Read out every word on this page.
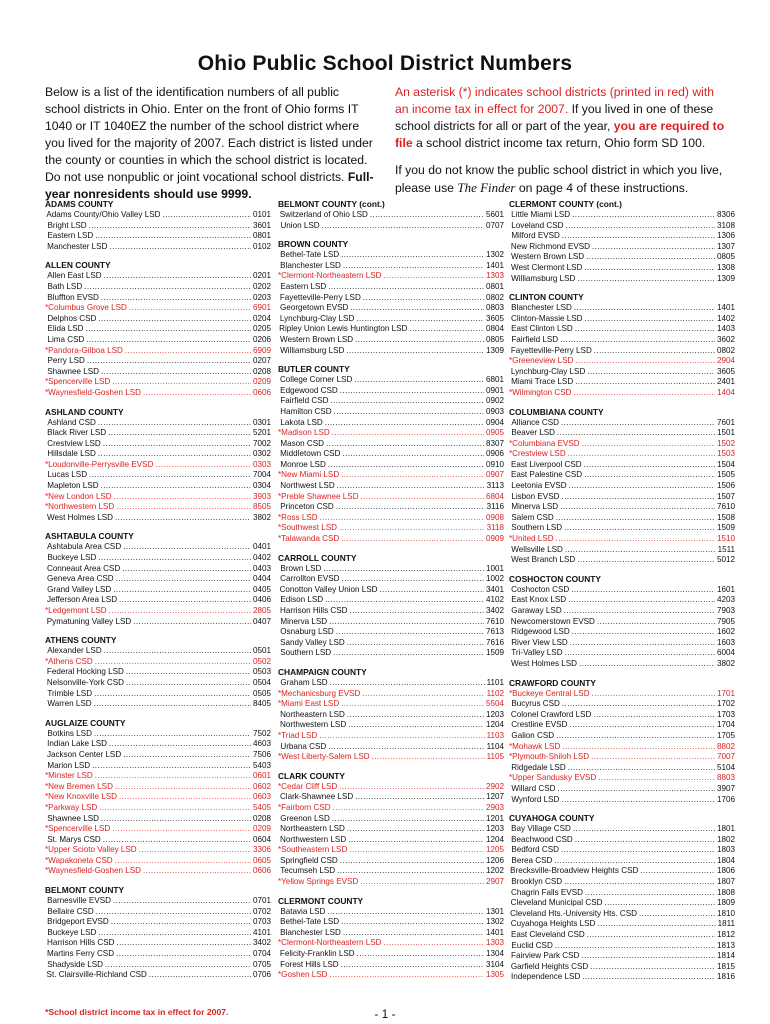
Ohio Public School District Numbers

Below is a list of the identification numbers of all public school districts in Ohio. Enter on the front of Ohio forms IT 1040 or IT 1040EZ the number of the school district where you lived for the majority of 2007. Each district is listed under the county or counties in which the school district is located. Do not use nonpublic or joint vocational school districts. Full-year nonresidents should use 9999.

An asterisk (*) indicates school districts (printed in red) with an income tax in effect for 2007. If you lived in one of these school districts for all or part of the year, you are required to file a school district income tax return, Ohio form SD 100.

If you do not know the public school district in which you live, please use The Finder on page 4 of these instructions.

ADAMS COUNTY
Adams County/Ohio Valley LSD .....	0101
Bright LSD .....	3601
Eastern LSD .....	0801
Manchester LSD .....	0102
ALLEN COUNTY
Allen East LSD .....	0201
Bath LSD .....	0202
Bluffton EVSD .....	0203
* Columbus Grove LSD .....	6901
Delphos CSD .....	0204
Elida LSD .....	0205
Lima CSD .....	0206
* Pandora-Gilboa LSD .....	6909
Perry LSD .....	0207
Shawnee LSD .....	0208
* Spencerville LSD .....	0209
* Waynesfield-Goshen LSD .....	0606
ASHLAND COUNTY
Ashland CSD .....	0301
Black River LSD .....	5201
Crestview LSD .....	7002
Hillsdale LSD .....	0302
* Loudonville-Perrysville EVSD .....	0303
Lucas LSD .....	7004
Mapleton LSD .....	0304
* New London LSD .....	3903
* Northwestern LSD .....	8505
West Holmes LSD .....	3802
ASHTABULA COUNTY
Ashtabula Area CSD .....	0401
Buckeye LSD .....	0402
Conneaut Area CSD .....	0403
Geneva Area CSD .....	0404
Grand Valley LSD .....	0405
Jefferson Area LSD .....	0406
* Ledgemont LSD .....	2805
Pymatuning Valley LSD .....	0407
ATHENS COUNTY
Alexander LSD .....	0501
* Athens CSD .....	0502
Federal Hocking LSD .....	0503
Nelsonville-York CSD .....	0504
Trimble LSD .....	0505
Warren LSD .....	8405
AUGLAIZE COUNTY
Botkins LSD .....	7502
Indian Lake LSD .....	4603
Jackson Center LSD .....	7506
Marion LSD .....	5403
* Minster LSD .....	0601
* New Bremen LSD .....	0602
* New Knoxville LSD .....	0603
* Parkway LSD .....	5405
Shawnee LSD .....	0208
* Spencerville LSD .....	0209
St. Marys CSD .....	0604
* Upper Scioto Valley LSD .....	3306
* Wapakoneta CSD .....	0605
* Waynesfield-Goshen LSD .....	0606
BELMONT COUNTY
Barnesville EVSD .....	0701
Bellaire CSD .....	0702
Bridgeport EVSD .....	0703
Buckeye LSD .....	4101
Harrison Hills CSD .....	3402
Martins Ferry CSD .....	0704
Shadyside LSD .....	0705
St. Clairsville-Richland CSD .....	0706
BELMONT COUNTY (cont.)
Switzerland of Ohio LSD .....	5601
Union LSD .....	0707
BROWN COUNTY
Bethel-Tate LSD .....	1302
Blanchester LSD .....	1401
* Clermont-Northeastern LSD .....	1303
Eastern LSD .....	0801
Fayetteville-Perry LSD .....	0802
Georgetown EVSD .....	0803
Lynchburg-Clay LSD .....	3605
Ripley Union Lewis Huntington LSD .....	0804
Western Brown LSD .....	0805
Williamsburg LSD .....	1309
BUTLER COUNTY
College Corner LSD .....	6801
Edgewood CSD .....	0901
Fairfield CSD .....	0902
Hamilton CSD .....	0903
Lakota LSD .....	0904
* Madison LSD .....	0905
Mason CSD .....	8307
Middletown CSD .....	0906
Monroe LSD .....	0910
* New Miami LSD .....	0907
Northwest LSD .....	3113
* Preble Shawnee LSD .....	6804
Princeton CSD .....	3116
* Ross LSD .....	0908
* Southwest LSD .....	3118
* Talawanda CSD .....	0909
CARROLL COUNTY
Brown LSD .....	1001
Carrollton EVSD .....	1002
Conotton Valley Union LSD .....	3401
Edison LSD .....	4102
Harrison Hills CSD .....	3402
Minerva LSD .....	7610
Osnaburg LSD .....	7613
Sandy Valley LSD .....	7616
Southern LSD .....	1509
CHAMPAIGN COUNTY
Graham LSD .....	1101
* Mechanicsburg EVSD .....	1102
* Miami East LSD .....	5504
Northeastern LSD .....	1203
Northwestern LSD .....	1204
* Triad LSD .....	1103
Urbana CSD .....	1104
* West Liberty-Salem LSD .....	1105
CLARK COUNTY
* Cedar Cliff LSD .....	2902
Clark-Shawnee LSD .....	1207
* Fairborn CSD .....	2903
Greenon LSD .....	1201
Northeastern LSD .....	1203
Northwestern LSD .....	1204
* Southeastern LSD .....	1205
Springfield CSD .....	1206
Tecumseh LSD .....	1202
* Yellow Springs EVSD .....	2907
CLERMONT COUNTY
Batavia LSD .....	1301
Bethel-Tate LSD .....	1302
Blanchester LSD .....	1401
* Clermont-Northeastern LSD .....	1303
Felicity-Franklin LSD .....	1304
Forest Hills LSD .....	3104
* Goshen LSD .....	1305
CLERMONT COUNTY (cont.)
Little Miami LSD .....	8306
Loveland CSD .....	3108
Milford EVSD .....	1306
New Richmond EVSD .....	1307
Western Brown LSD .....	0805
West Clermont LSD .....	1308
Williamsburg LSD .....	1309
CLINTON COUNTY
Blanchester LSD .....	1401
Clinton-Massie LSD .....	1402
East Clinton LSD .....	1403
Fairfield LSD .....	3602
Fayetteville-Perry LSD .....	0802
* Greeneview LSD .....	2904
Lynchburg-Clay LSD .....	3605
Miami Trace LSD .....	2401
* Wilmington CSD .....	1404
COLUMBIANA COUNTY
Alliance CSD .....	7601
Beaver LSD .....	1501
* Columbiana EVSD .....	1502
* Crestview LSD .....	1503
East Liverpool CSD .....	1504
East Palestine CSD .....	1505
Leetonia EVSD .....	1506
Lisbon EVSD .....	1507
Minerva LSD .....	7610
Salem CSD .....	1508
Southern LSD .....	1509
* United LSD .....	1510
Wellsville LSD .....	1511
West Branch LSD .....	5012
COSHOCTON COUNTY
Coshocton CSD .....	1601
East Knox LSD .....	4203
Garaway LSD .....	7903
Newcomerstown EVSD .....	7905
Ridgewood LSD .....	1602
River View LSD .....	1603
Tri-Valley LSD .....	6004
West Holmes LSD .....	3802
CRAWFORD COUNTY
* Buckeye Central LSD .....	1701
Bucyrus CSD .....	1702
Colonel Crawford LSD .....	1703
Crestline EVSD .....	1704
Galion CSD .....	1705
* Mohawk LSD .....	8802
* Plymouth-Shiloh LSD .....	7007
Ridgedale LSD .....	5104
* Upper Sandusky EVSD .....	8803
Willard CSD .....	3907
Wynford LSD .....	1706
CUYAHOGA COUNTY
Bay Village CSD .....	1801
Beachwood CSD .....	1802
Bedford CSD .....	1803
Berea CSD .....	1804
Brecksville-Broadview Heights CSD .....	1806
Brooklyn CSD .....	1807
Chagrin Falls EVSD .....	1808
Cleveland Municipal CSD .....	1809
Cleveland Hts.-University Hts. CSD .....	1810
Cuyahoga Heights LSD .....	1811
East Cleveland CSD .....	1812
Euclid CSD .....	1813
Fairview Park CSD .....	1814
Garfield Heights CSD .....	1815
Independence LSD .....	1816
*School district income tax in effect for 2007.	- 1 -
